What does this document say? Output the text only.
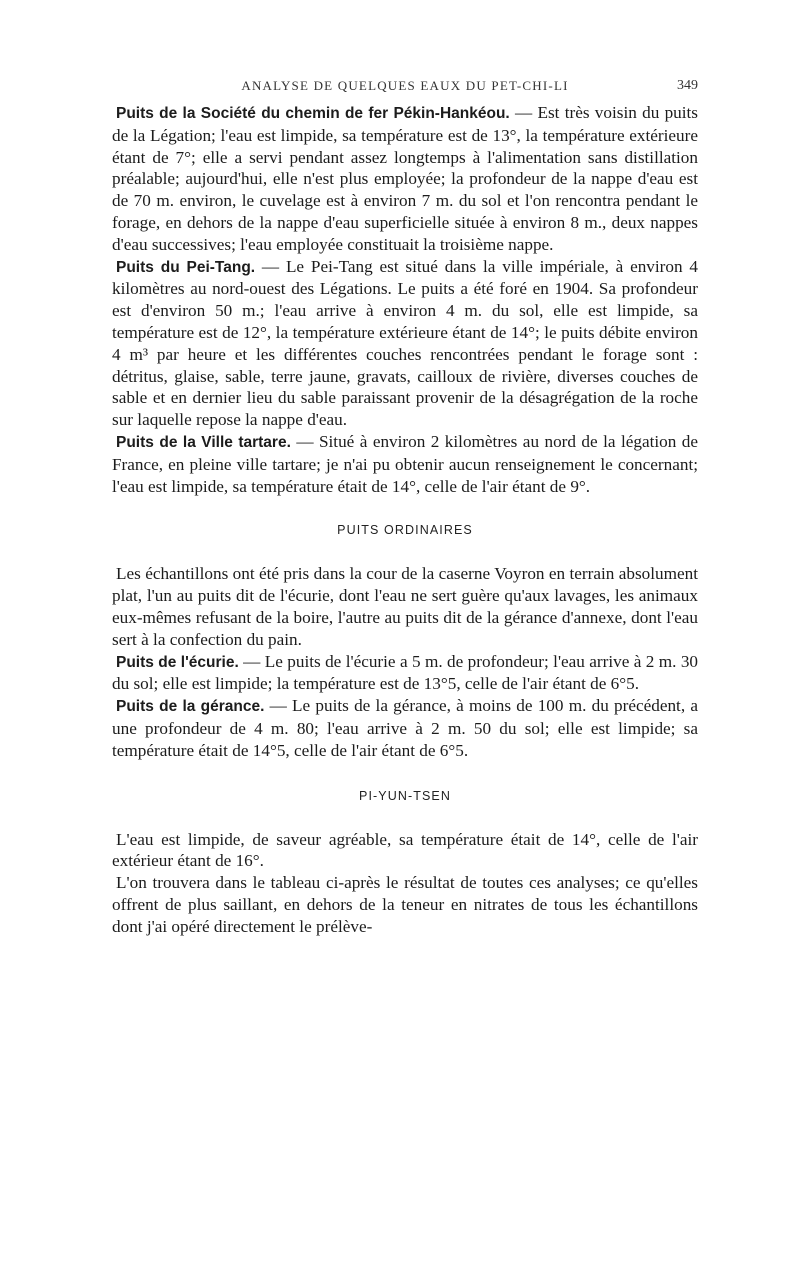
ANALYSE DE QUELQUES EAUX DU PET-CHI-LI	349

Puits de la Société du chemin de fer Pékin-Hankéou. — Est très voisin du puits de la Légation; l'eau est limpide, sa température est de 13°, la température extérieure étant de 7°; elle a servi pendant assez longtemps à l'alimentation sans distillation préalable; aujourd'hui, elle n'est plus employée; la profondeur de la nappe d'eau est de 70 m. environ, le cuvelage est à environ 7 m. du sol et l'on rencontra pendant le forage, en dehors de la nappe d'eau superficielle située à environ 8 m., deux nappes d'eau successives; l'eau employée constituait la troisième nappe.

Puits du Pei-Tang. — Le Pei-Tang est situé dans la ville impériale, à environ 4 kilomètres au nord-ouest des Légations. Le puits a été foré en 1904. Sa profondeur est d'environ 50 m.; l'eau arrive à environ 4 m. du sol, elle est limpide, sa température est de 12°, la température extérieure étant de 14°; le puits débite environ 4 m³ par heure et les différentes couches rencontrées pendant le forage sont : détritus, glaise, sable, terre jaune, gravats, cailloux de rivière, diverses couches de sable et en dernier lieu du sable paraissant provenir de la désagrégation de la roche sur laquelle repose la nappe d'eau.

Puits de la Ville tartare. — Situé à environ 2 kilomètres au nord de la légation de France, en pleine ville tartare; je n'ai pu obtenir aucun renseignement le concernant; l'eau est limpide, sa température était de 14°, celle de l'air étant de 9°.

PUITS ORDINAIRES

Les échantillons ont été pris dans la cour de la caserne Voyron en terrain absolument plat, l'un au puits dit de l'écurie, dont l'eau ne sert guère qu'aux lavages, les animaux eux-mêmes refusant de la boire, l'autre au puits dit de la gérance d'annexe, dont l'eau sert à la confection du pain.

Puits de l'écurie. — Le puits de l'écurie a 5 m. de profondeur; l'eau arrive à 2 m. 30 du sol; elle est limpide; la température est de 13°5, celle de l'air étant de 6°5.

Puits de la gérance. — Le puits de la gérance, à moins de 100 m. du précédent, a une profondeur de 4 m. 80; l'eau arrive à 2 m. 50 du sol; elle est limpide; sa température était de 14°5, celle de l'air étant de 6°5.

PI-YUN-TSEN

L'eau est limpide, de saveur agréable, sa température était de 14°, celle de l'air extérieur étant de 16°.

L'on trouvera dans le tableau ci-après le résultat de toutes ces analyses; ce qu'elles offrent de plus saillant, en dehors de la teneur en nitrates de tous les échantillons dont j'ai opéré directement le prélève-
